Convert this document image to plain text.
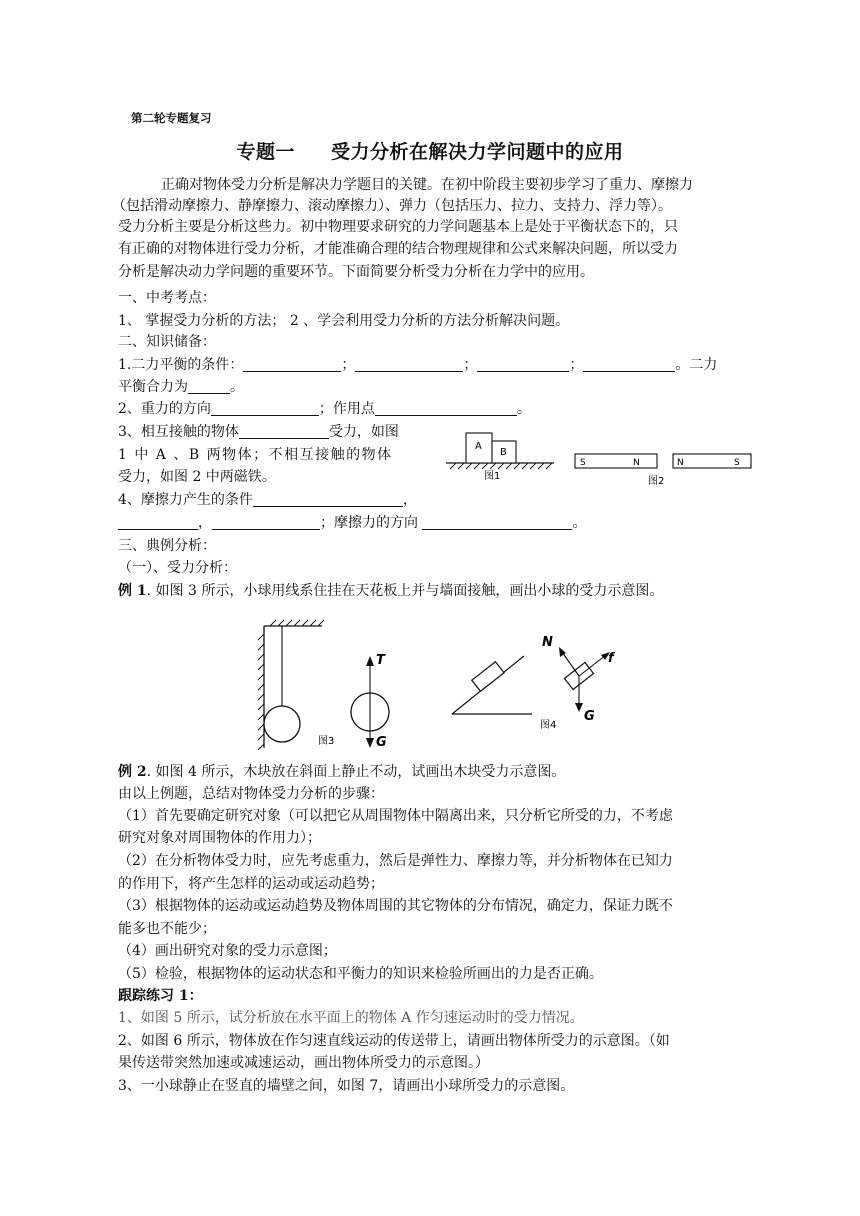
第二轮专题复习
专题一 受力分析在解决力学问题中的应用
正确对物体受力分析是解决力学题目的关键。在初中阶段主要初步学习了重力、摩擦力
（包括滑动摩擦力、静摩擦力、滚动摩擦力）、弹力（包括压力、拉力、支持力、浮力等）。
受力分析主要是分析这些力。初中物理要求研究的力学问题基本上是处于平衡状态下的，只
有正确的对物体进行受力分析，才能准确合理的结合物理规律和公式来解决问题，所以受力
分析是解决动力学问题的重要环节。下面简要分析受力分析在力学中的应用。
一、中考考点：
1、 掌握受力分析的方法； 2 、学会利用受力分析的方法分析解决问题。
二、知识储备：
1.二力平衡的条件：	；	；	；	。二力
平衡合力为	。
2、重力的方向	；作用点	。
3、相互接触的物体	受力，如图
1 中 A 、B 两物体；不相互接触的物体
受力，如图 2 中两磁铁。
4、摩擦力产生的条件	，
，	；摩擦力的方向	。
A
B
图1
S	N	N	S
图2
三、典例分析：
（一）、受力分析：
例 1. 如图 3 所示，小球用线系住挂在天花板上并与墙面接触，画出小球的受力示意图。
图3
T
G
图4
N
f
G
例 2. 如图 4 所示，木块放在斜面上静止不动，试画出木块受力示意图。
由以上例题，总结对物体受力分析的步骤：
（1）首先要确定研究对象（可以把它从周围物体中隔离出来，只分析它所受的力，不考虑
研究对象对周围物体的作用力）；
（2）在分析物体受力时，应先考虑重力，然后是弹性力、摩擦力等，并分析物体在已知力
的作用下，将产生怎样的运动或运动趋势；
（3）根据物体的运动或运动趋势及物体周围的其它物体的分布情况，确定力，保证力既不
能多也不能少；
（4）画出研究对象的受力示意图；
（5）检验，根据物体的运动状态和平衡力的知识来检验所画出的力是否正确。
跟踪练习 1：
1、如图 5 所示，试分析放在水平面上的物体 A 作匀速运动时的受力情况。
2、如图 6 所示，物体放在作匀速直线运动的传送带上，请画出物体所受力的示意图。（如
果传送带突然加速或减速运动，画出物体所受力的示意图。）
3、一小球静止在竖直的墙壁之间，如图 7，请画出小球所受力的示意图。
